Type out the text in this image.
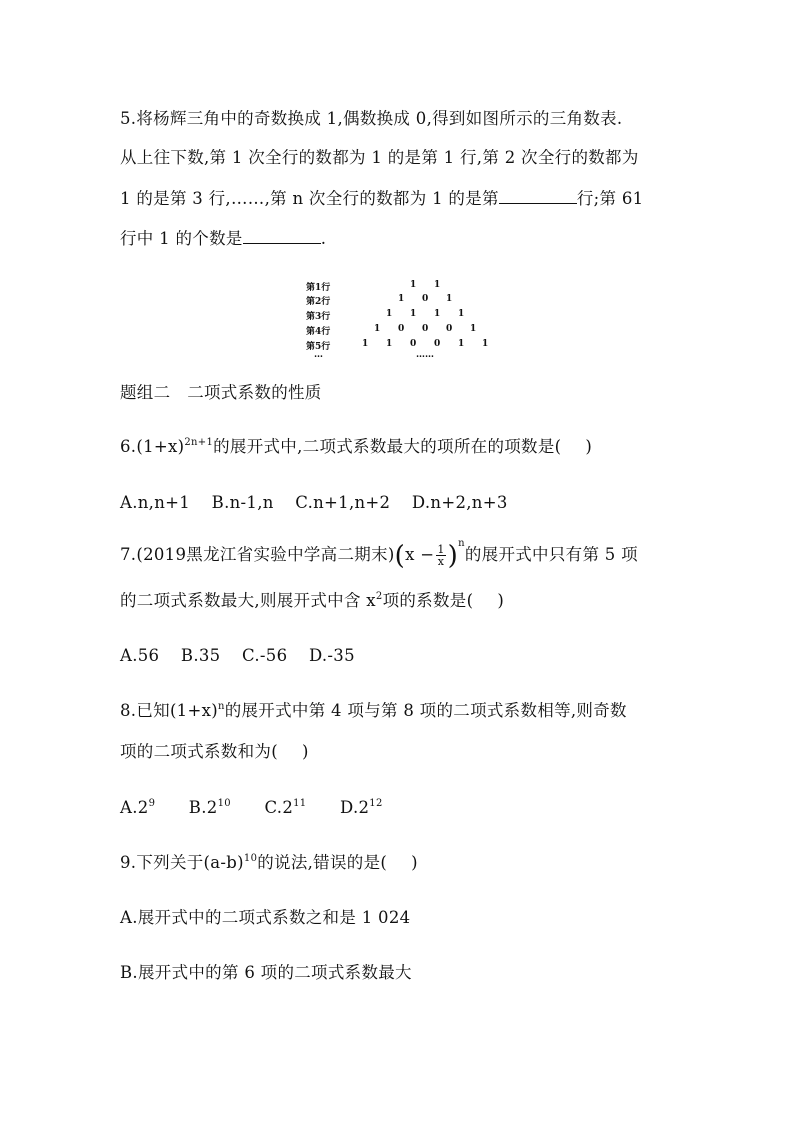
5.将杨辉三角中的奇数换成 1,偶数换成 0,得到如图所示的三角数表.
从上往下数,第 1 次全行的数都为 1 的是第 1 行,第 2 次全行的数都为
1 的是第 3 行,……,第 n 次全行的数都为 1 的是第	行;第 61
行中 1 的个数是	.
第1行
第2行
第3行
第4行
第5行
…
1 1
1 0 1
1 1 1 1
1 0 0 0 1
1 1 0 0 1 1
……
题组二　二项式系数的性质
$6.(1+x)^{2n+1}$的展开式中,二项式系数最大的项所在的项数是( )
A.n,n+1 B.n-1,n C.n+1,n+2 D.n+2,n+3
7.(2019黑龙江省实验中学高二期末)$(x - \frac{1}{x} )^n$的展开式中只有第 5 项
的二项式系数最大,则展开式中含 $x^2$项的系数是( )
A.56 B.35 C.-56 D.-35
8.已知$(1+x)^n$的展开式中第 4 项与第 8 项的二项式系数相等,则奇数
项的二项式系数和为( )
$A.2^9$ $B.2^{10}$ $C.2^{11}$ $D.2^{12}$
9.下列关于$(a-b)^{10}$的说法,错误的是( )
A.展开式中的二项式系数之和是 1 024
B.展开式中的第 6 项的二项式系数最大
